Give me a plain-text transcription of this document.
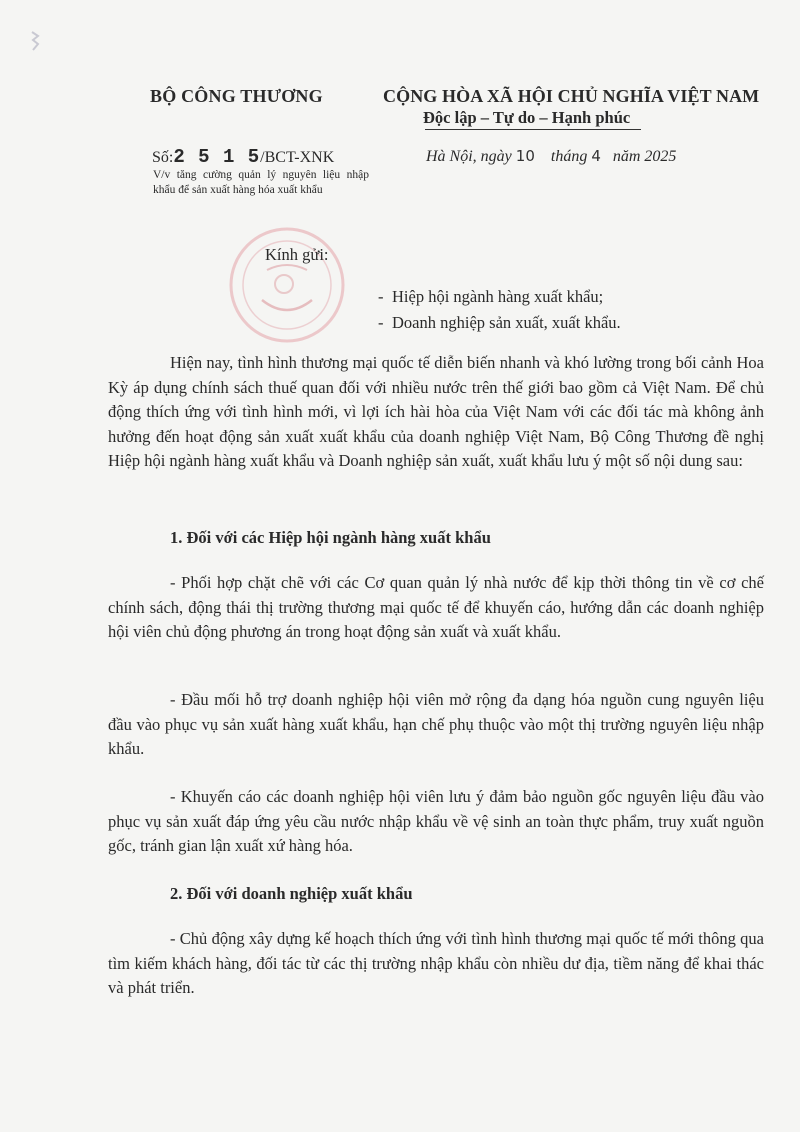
BỘ CÔNG THƯƠNG	CỘNG HÒA XÃ HỘI CHỦ NGHĨA VIỆT NAM
Độc lập – Tự do – Hạnh phúc
Số:2 5 1 5/BCT-XNK	Hà Nội, ngày 10 tháng 4 năm 2025
V/v tăng cường quản lý nguyên liệu nhập khẩu để sản xuất hàng hóa xuất khẩu
Kính gửi:
- Hiệp hội ngành hàng xuất khẩu;
- Doanh nghiệp sản xuất, xuất khẩu.
Hiện nay, tình hình thương mại quốc tế diễn biến nhanh và khó lường trong bối cảnh Hoa Kỳ áp dụng chính sách thuế quan đối với nhiều nước trên thế giới bao gồm cả Việt Nam. Để chủ động thích ứng với tình hình mới, vì lợi ích hài hòa của Việt Nam với các đối tác mà không ảnh hưởng đến hoạt động sản xuất xuất khẩu của doanh nghiệp Việt Nam, Bộ Công Thương đề nghị Hiệp hội ngành hàng xuất khẩu và Doanh nghiệp sản xuất, xuất khẩu lưu ý một số nội dung sau:
1. Đối với các Hiệp hội ngành hàng xuất khẩu
- Phối hợp chặt chẽ với các Cơ quan quản lý nhà nước để kịp thời thông tin về cơ chế chính sách, động thái thị trường thương mại quốc tế để khuyến cáo, hướng dẫn các doanh nghiệp hội viên chủ động phương án trong hoạt động sản xuất và xuất khẩu.
- Đầu mối hỗ trợ doanh nghiệp hội viên mở rộng đa dạng hóa nguồn cung nguyên liệu đầu vào phục vụ sản xuất hàng xuất khẩu, hạn chế phụ thuộc vào một thị trường nguyên liệu nhập khẩu.
- Khuyến cáo các doanh nghiệp hội viên lưu ý đảm bảo nguồn gốc nguyên liệu đầu vào phục vụ sản xuất đáp ứng yêu cầu nước nhập khẩu về vệ sinh an toàn thực phẩm, truy xuất nguồn gốc, tránh gian lận xuất xứ hàng hóa.
2. Đối với doanh nghiệp xuất khẩu
- Chủ động xây dựng kế hoạch thích ứng với tình hình thương mại quốc tế mới thông qua tìm kiếm khách hàng, đối tác từ các thị trường nhập khẩu còn nhiều dư địa, tiềm năng để khai thác và phát triển.
